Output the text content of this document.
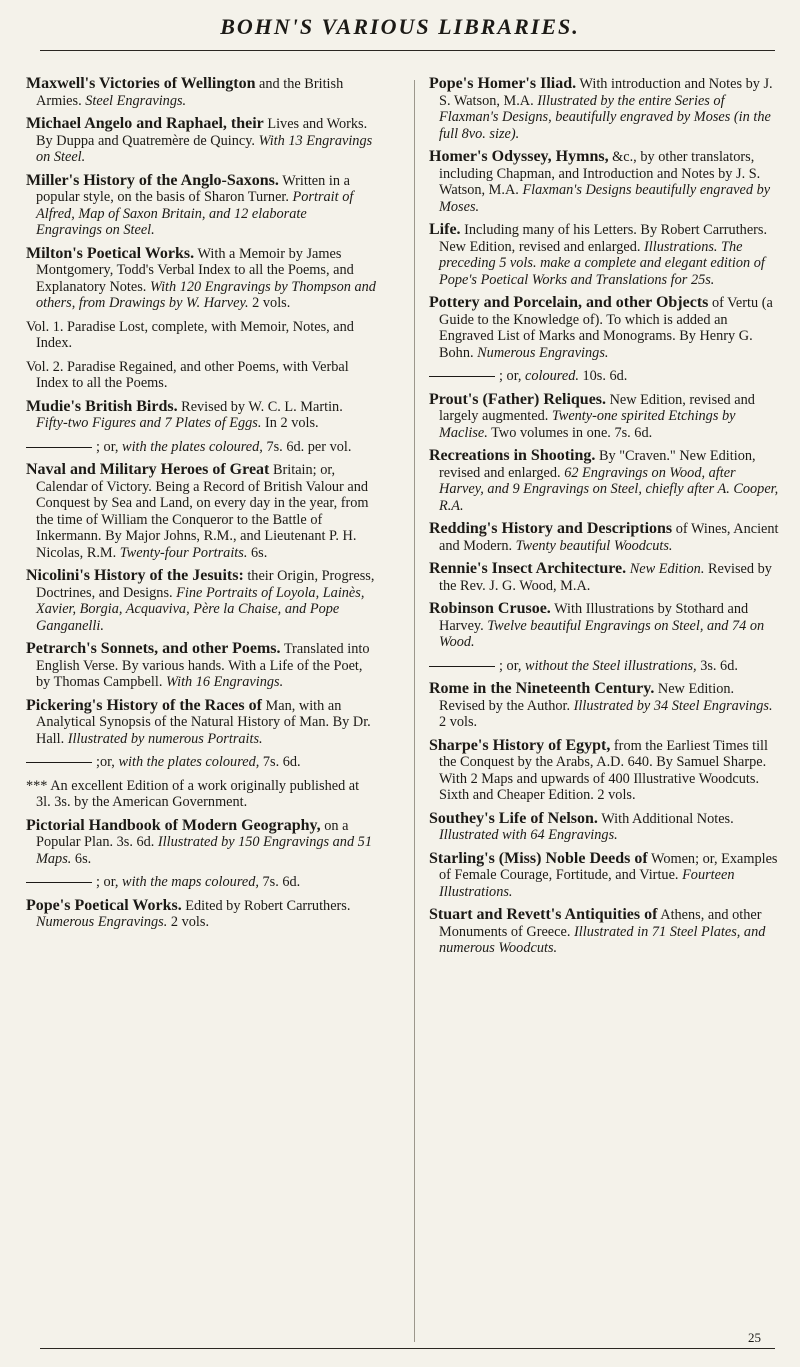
BOHN'S VARIOUS LIBRARIES.

Maxwell's Victories of Wellington and the British Armies. Steel Engravings.

Michael Angelo and Raphael, their Lives and Works. By Duppa and Quatremère de Quincy. With 13 Engravings on Steel.

Miller's History of the Anglo-Saxons. Written in a popular style, on the basis of Sharon Turner. Portrait of Alfred, Map of Saxon Britain, and 12 elaborate Engravings on Steel.

Milton's Poetical Works. With a Memoir by James Montgomery, Todd's Verbal Index to all the Poems, and Explanatory Notes. With 120 Engravings by Thompson and others, from Drawings by W. Harvey. 2 vols.

Vol. 1. Paradise Lost, complete, with Memoir, Notes, and Index.

Vol. 2. Paradise Regained, and other Poems, with Verbal Index to all the Poems.

Mudie's British Birds. Revised by W. C. L. Martin. Fifty-two Figures and 7 Plates of Eggs. In 2 vols.

; or, with the plates coloured, 7s. 6d. per vol.

Naval and Military Heroes of Great Britain; or, Calendar of Victory. Being a Record of British Valour and Conquest by Sea and Land, on every day in the year, from the time of William the Conqueror to the Battle of Inkermann. By Major Johns, R.M., and Lieutenant P. H. Nicolas, R.M. Twenty-four Portraits. 6s.

Nicolini's History of the Jesuits: their Origin, Progress, Doctrines, and Designs. Fine Portraits of Loyola, Lainès, Xavier, Borgia, Acquaviva, Père la Chaise, and Pope Ganganelli.

Petrarch's Sonnets, and other Poems. Translated into English Verse. By various hands. With a Life of the Poet, by Thomas Campbell. With 16 Engravings.

Pickering's History of the Races of Man, with an Analytical Synopsis of the Natural History of Man. By Dr. Hall. Illustrated by numerous Portraits.

;or, with the plates coloured, 7s. 6d.

*** An excellent Edition of a work originally published at 3l. 3s. by the American Government.

Pictorial Handbook of Modern Geography, on a Popular Plan. 3s. 6d. Illustrated by 150 Engravings and 51 Maps. 6s.

; or, with the maps coloured, 7s. 6d.

Pope's Poetical Works. Edited by Robert Carruthers. Numerous Engravings. 2 vols.

Pope's Homer's Iliad. With introduction and Notes by J. S. Watson, M.A. Illustrated by the entire Series of Flaxman's Designs, beautifully engraved by Moses (in the full 8vo. size).

Homer's Odyssey, Hymns, &c., by other translators, including Chapman, and Introduction and Notes by J. S. Watson, M.A. Flaxman's Designs beautifully engraved by Moses.

Life. Including many of his Letters. By Robert Carruthers. New Edition, revised and enlarged. Illustrations. The preceding 5 vols. make a complete and elegant edition of Pope's Poetical Works and Translations for 25s.

Pottery and Porcelain, and other Objects of Vertu (a Guide to the Knowledge of). To which is added an Engraved List of Marks and Monograms. By Henry G. Bohn. Numerous Engravings.

; or, coloured. 10s. 6d.

Prout's (Father) Reliques. New Edition, revised and largely augmented. Twenty-one spirited Etchings by Maclise. Two volumes in one. 7s. 6d.

Recreations in Shooting. By "Craven." New Edition, revised and enlarged. 62 Engravings on Wood, after Harvey, and 9 Engravings on Steel, chiefly after A. Cooper, R.A.

Redding's History and Descriptions of Wines, Ancient and Modern. Twenty beautiful Woodcuts.

Rennie's Insect Architecture. New Edition. Revised by the Rev. J. G. Wood, M.A.

Robinson Crusoe. With Illustrations by Stothard and Harvey. Twelve beautiful Engravings on Steel, and 74 on Wood.

; or, without the Steel illustrations, 3s. 6d.

Rome in the Nineteenth Century. New Edition. Revised by the Author. Illustrated by 34 Steel Engravings. 2 vols.

Sharpe's History of Egypt, from the Earliest Times till the Conquest by the Arabs, A.D. 640. By Samuel Sharpe. With 2 Maps and upwards of 400 Illustrative Woodcuts. Sixth and Cheaper Edition. 2 vols.

Southey's Life of Nelson. With Additional Notes. Illustrated with 64 Engravings.

Starling's (Miss) Noble Deeds of Women; or, Examples of Female Courage, Fortitude, and Virtue. Fourteen Illustrations.

Stuart and Revett's Antiquities of Athens, and other Monuments of Greece. Illustrated in 71 Steel Plates, and numerous Woodcuts.

25
